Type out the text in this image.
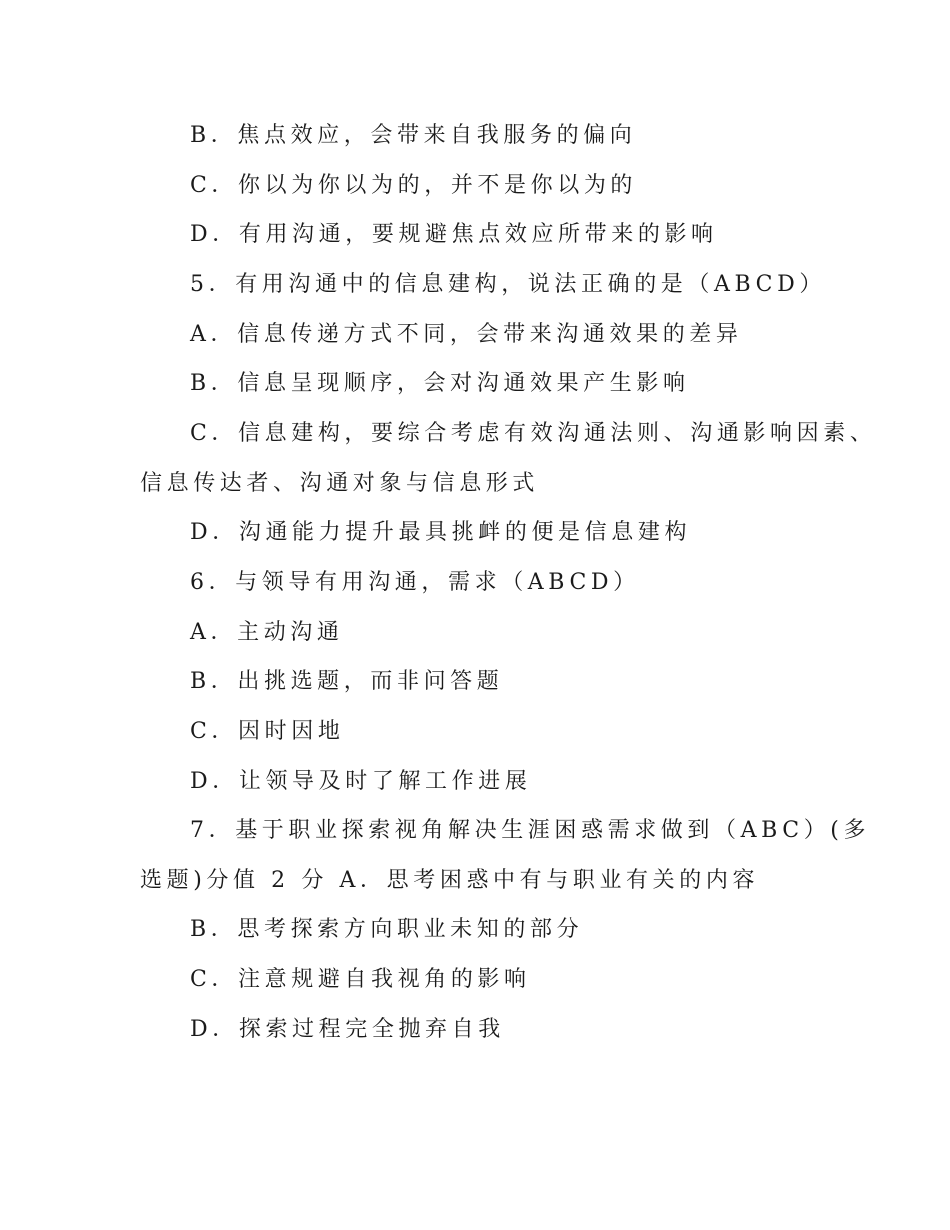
B．焦点效应，会带来自我服务的偏向
C．你以为你以为的，并不是你以为的
D．有用沟通，要规避焦点效应所带来的影响
5．有用沟通中的信息建构，说法正确的是（ABCD）
A．信息传递方式不同，会带来沟通效果的差异
B．信息呈现顺序，会对沟通效果产生影响
C．信息建构，要综合考虑有效沟通法则、沟通影响因素、
信息传达者、沟通对象与信息形式
D．沟通能力提升最具挑衅的便是信息建构
6．与领导有用沟通，需求（ABCD）
A．主动沟通
B．出挑选题，而非问答题
C．因时因地
D．让领导及时了解工作进展
7．基于职业探索视角解决生涯困惑需求做到（ABC）(多
选题)分值 2 分 A．思考困惑中有与职业有关的内容
B．思考探索方向职业未知的部分
C．注意规避自我视角的影响
D．探索过程完全抛弃自我
